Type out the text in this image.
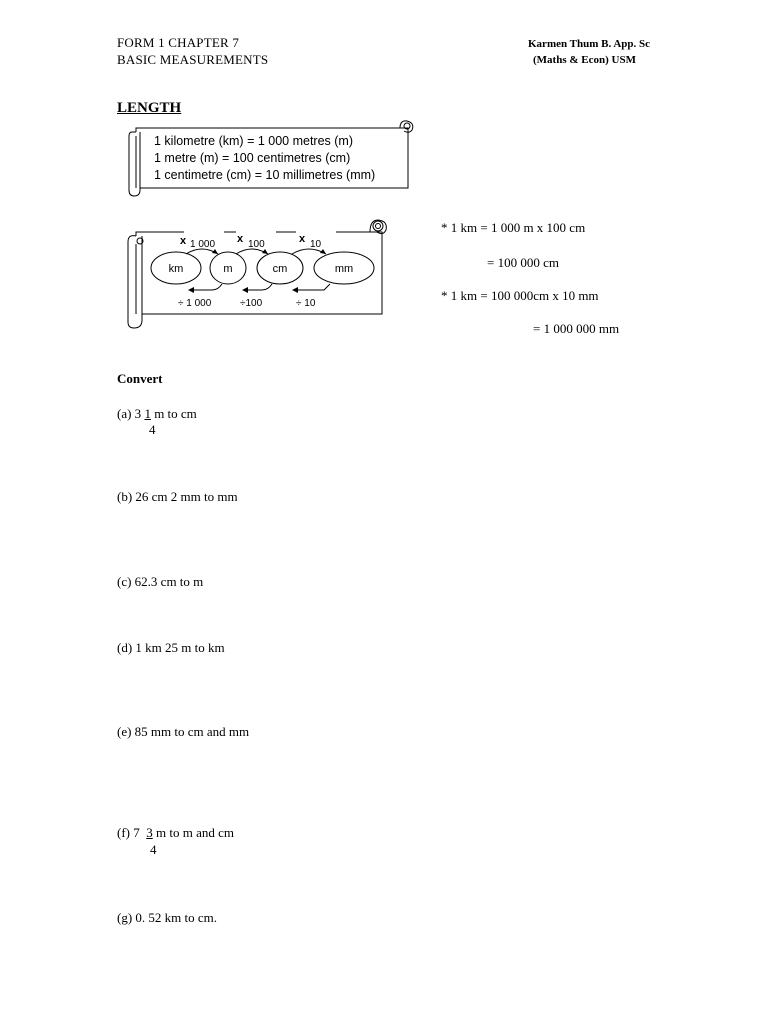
FORM 1 CHAPTER 7
BASIC MEASUREMENTS
Karmen Thum B. App. Sc
(Maths & Econ) USM
LENGTH
1 kilometre (km) = 1 000 metres (m)
1 metre (m) = 100 centimetres (cm)
1 centimetre (cm) = 10 millimetres (mm)
km	m	cm	mm
x 1 000 x 100	x 10
÷ 1 000	÷100	÷ 10
* 1 km = 1 000 m x 100 cm
= 100 000 cm
* 1 km = 100 000cm x 10 mm
= 1 000 000 mm
Convert
(a) 3 1 m to cm
4
(b) 26 cm 2 mm to mm
(c) 62.3 cm to m
(d) 1 km 25 m to km
(e) 85 mm to cm and mm
(f) 7 3 m to m and cm
4
(g) 0. 52 km to cm.
